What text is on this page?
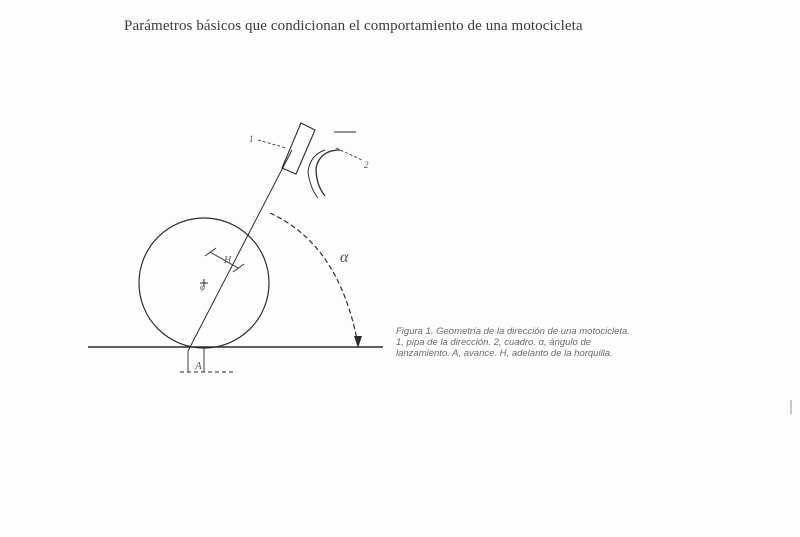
Parámetros básicos que condicionan el comportamiento de una motocicleta
α
H
A
φ
1
2
Figura 1. Geometría de la dirección de una motocicleta. 1, pipa de la dirección. 2, cuadro. α, ángulo de lanzamiento. A, avance. H, adelanto de la horquilla.
